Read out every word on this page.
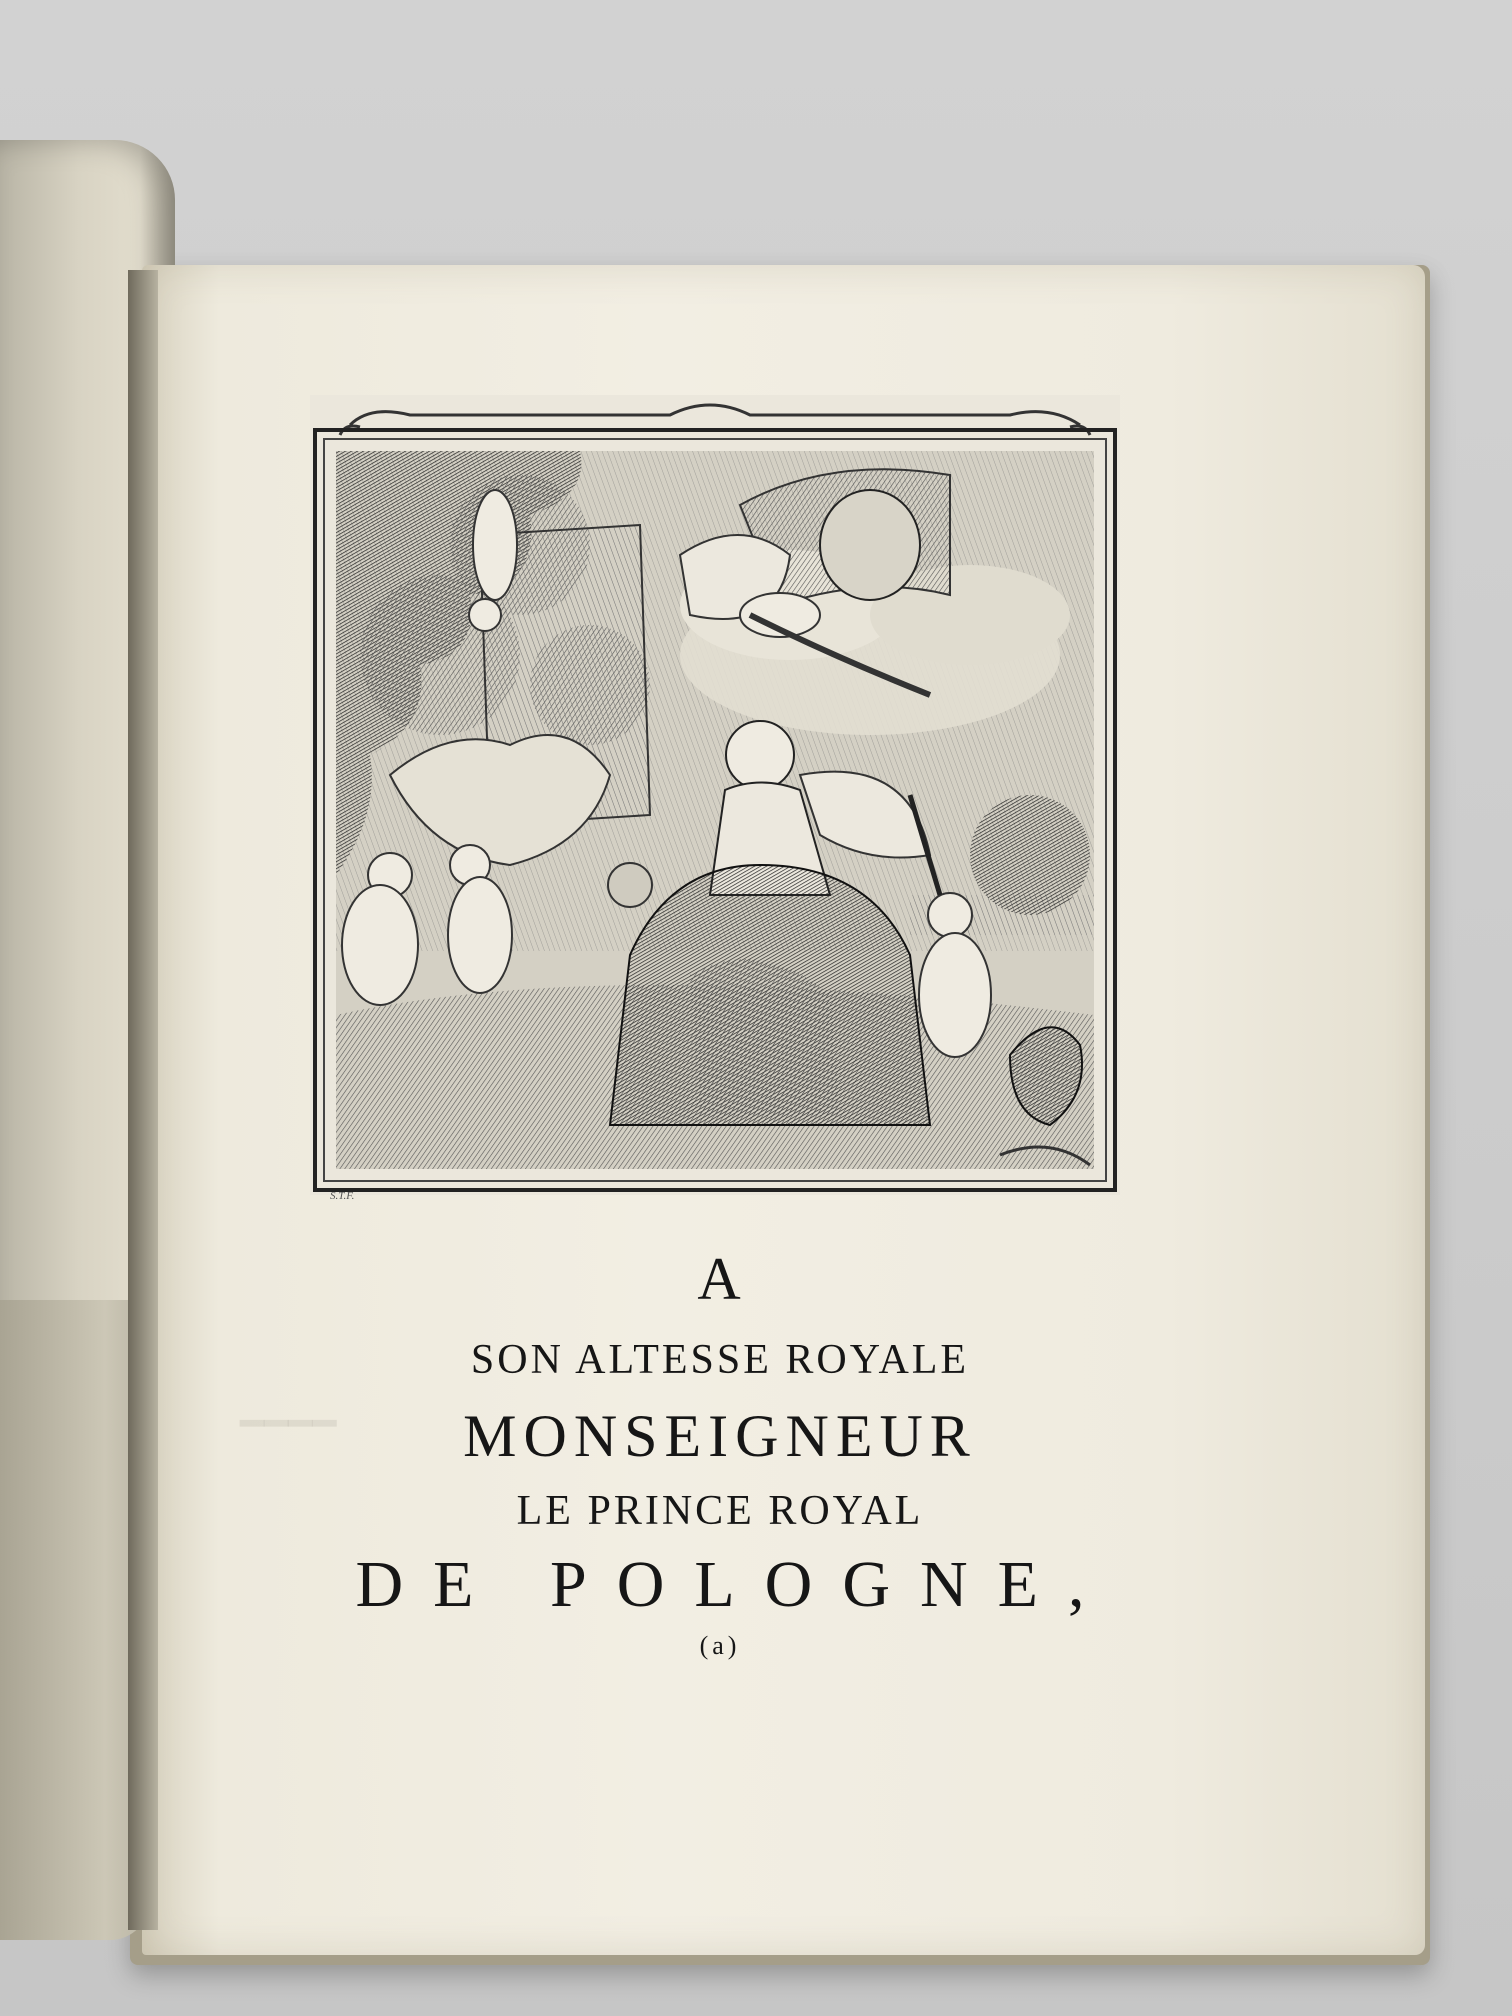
━━━━
S.T.F.
A
SON ALTESSE ROYALE
MONSEIGNEUR
LE PRINCE ROYAL
DE POLOGNE,
(a)
